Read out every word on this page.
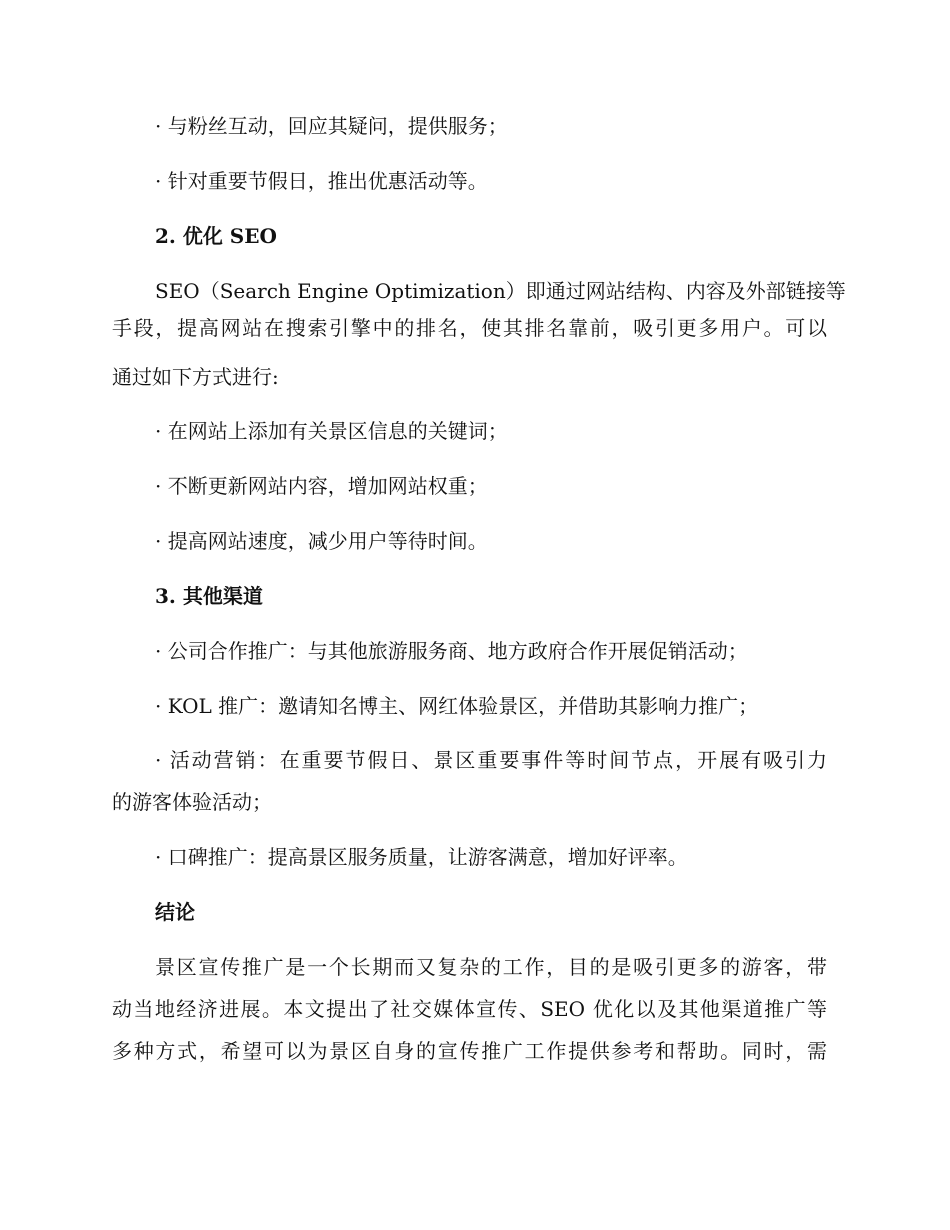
· 与粉丝互动，回应其疑问，提供服务；
· 针对重要节假日，推出优惠活动等。
2. 优化 SEO
SEO（Search Engine Optimization）即通过网站结构、内容及外部链接等
手段，提高网站在搜索引擎中的排名，使其排名靠前，吸引更多用户。可以
通过如下方式进行:
· 在网站上添加有关景区信息的关键词；
· 不断更新网站内容，增加网站权重；
· 提高网站速度，减少用户等待时间。
3. 其他渠道
· 公司合作推广：与其他旅游服务商、地方政府合作开展促销活动；
· KOL 推广：邀请知名博主、网红体验景区，并借助其影响力推广；
· 活动营销：在重要节假日、景区重要事件等时间节点，开展有吸引力
的游客体验活动；
· 口碑推广：提高景区服务质量，让游客满意，增加好评率。
结论
景区宣传推广是一个长期而又复杂的工作，目的是吸引更多的游客，带
动当地经济进展。本文提出了社交媒体宣传、SEO 优化以及其他渠道推广等
多种方式，希望可以为景区自身的宣传推广工作提供参考和帮助。同时，需
